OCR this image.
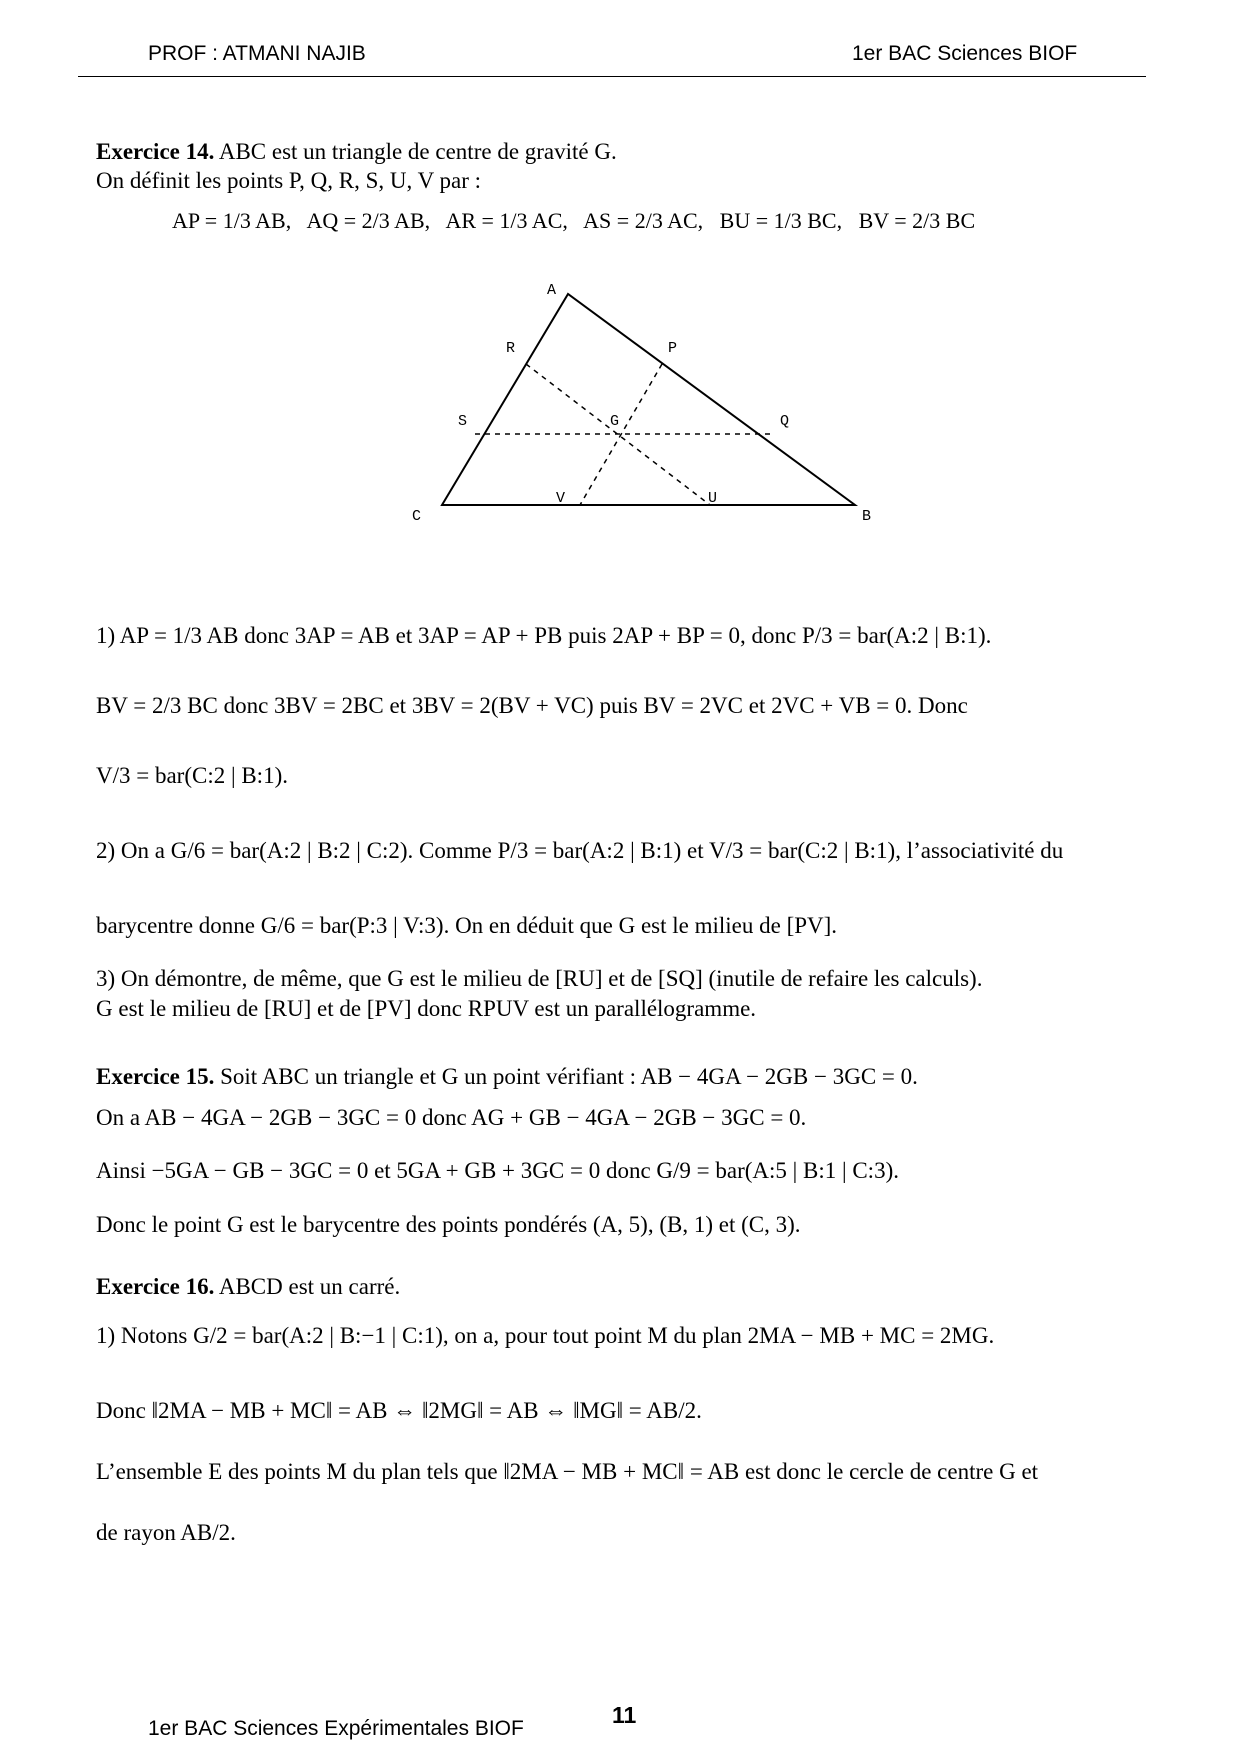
PROF : ATMANI NAJIB	1er BAC Sciences BIOF
Exercice 14. ABC est un triangle de centre de gravité G.
On définit les points P, Q, R, S, U, V par :
AP = 1/3 AB,   AQ = 2/3 AB,   AR = 1/3 AC,   AS = 2/3 AC,   BU = 1/3 BC,   BV = 2/3 BC
A
B
C
P
Q
R
S	G
U
V
1) AP = 1/3 AB donc 3AP = AB et 3AP = AP + PB puis 2AP + BP = 0, donc P/3 = bar(A:2 | B:1).
BV = 2/3 BC donc 3BV = 2BC et 3BV = 2(BV + VC) puis BV = 2VC et 2VC + VB = 0. Donc
V/3 = bar(C:2 | B:1).
2) On a G/6 = bar(A:2 | B:2 | C:2). Comme P/3 = bar(A:2 | B:1) et V/3 = bar(C:2 | B:1), l’associativité du
barycentre donne G/6 = bar(P:3 | V:3). On en déduit que G est le milieu de [PV].
3) On démontre, de même, que G est le milieu de [RU] et de [SQ] (inutile de refaire les calculs).
G est le milieu de [RU] et de [PV] donc RPUV est un parallélogramme.
Exercice 15. Soit ABC un triangle et G un point vérifiant : AB − 4GA − 2GB − 3GC = 0.
On a AB − 4GA − 2GB − 3GC = 0 donc AG + GB − 4GA − 2GB − 3GC = 0.
Ainsi −5GA − GB − 3GC = 0 et 5GA + GB + 3GC = 0 donc G/9 = bar(A:5 | B:1 | C:3).
Donc le point G est le barycentre des points pondérés (A, 5), (B, 1) et (C, 3).
Exercice 16. ABCD est un carré.
1) Notons G/2 = bar(A:2 | B:−1 | C:1), on a, pour tout point M du plan 2MA − MB + MC = 2MG.
Donc ‖2MA − MB + MC‖ = AB ⇔ ‖2MG‖ = AB ⇔ ‖MG‖ = AB/2.
L’ensemble E des points M du plan tels que ‖2MA − MB + MC‖ = AB est donc le cercle de centre G et
de rayon AB/2.
1er BAC Sciences Expérimentales BIOF
11
